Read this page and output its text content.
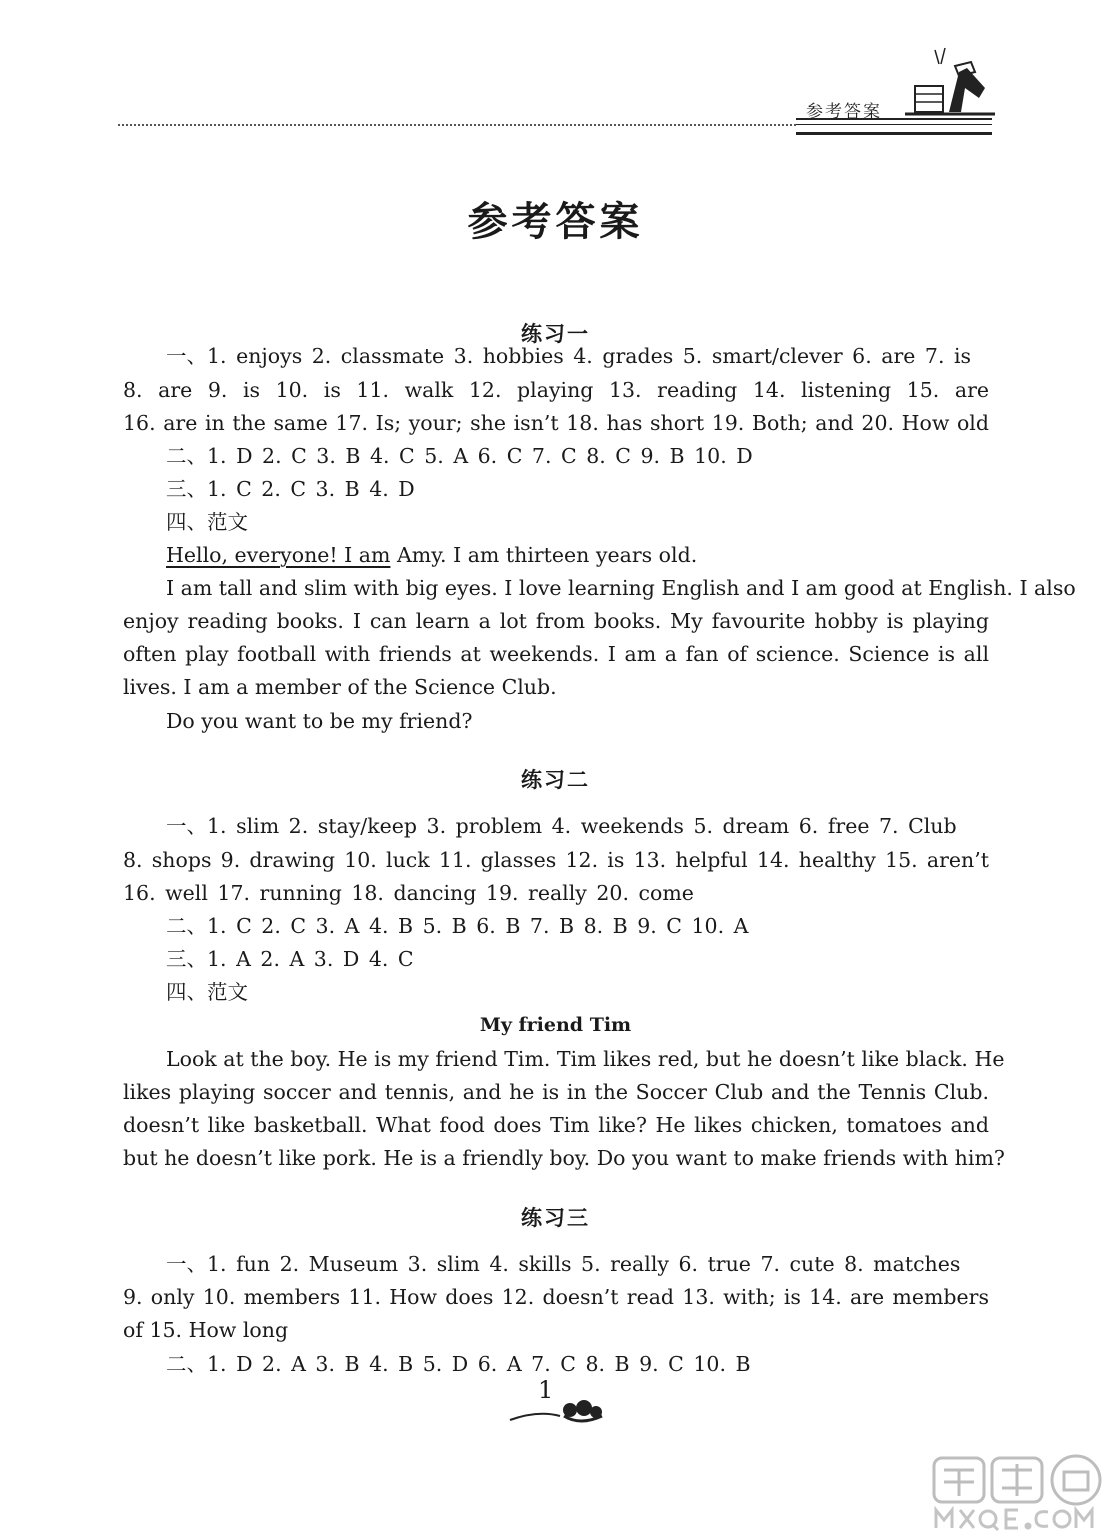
参考答案
参考答案
练习一
一、1. enjoys 2. classmate 3. hobbies 4. grades 5. smart/clever 6. are 7. is
8. are 9. is 10. is 11. walk 12. playing 13. reading 14. listening 15. are
16. are in the same 17. Is; your; she isn’t 18. has short 19. Both; and 20. How old
二、1. D 2. C 3. B 4. C 5. A 6. C 7. C 8. C 9. B 10. D
三、1. C 2. C 3. B 4. D
四、范文
Hello, everyone! I am Amy. I am thirteen years old.
I am tall and slim with big eyes. I love learning English and I am good at English. I also
enjoy reading books. I can learn a lot from books. My favourite hobby is playing
often play football with friends at weekends. I am a fan of science. Science is all
lives. I am a member of the Science Club.
Do you want to be my friend?
练习二
一、1. slim 2. stay/keep 3. problem 4. weekends 5. dream 6. free 7. Club
8. shops 9. drawing 10. luck 11. glasses 12. is 13. helpful 14. healthy 15. aren’t
16. well 17. running 18. dancing 19. really 20. come
二、1. C 2. C 3. A 4. B 5. B 6. B 7. B 8. B 9. C 10. A
三、1. A 2. A 3. D 4. C
四、范文
My friend Tim
Look at the boy. He is my friend Tim. Tim likes red, but he doesn’t like black. He
likes playing soccer and tennis, and he is in the Soccer Club and the Tennis Club.
doesn’t like basketball. What food does Tim like? He likes chicken, tomatoes and
but he doesn’t like pork. He is a friendly boy. Do you want to make friends with him?
练习三
一、1. fun 2. Museum 3. slim 4. skills 5. really 6. true 7. cute 8. matches
9. only 10. members 11. How does 12. doesn’t read 13. with; is 14. are members
of 15. How long
二、1. D 2. A 3. B 4. B 5. D 6. A 7. C 8. B 9. C 10. B
1
